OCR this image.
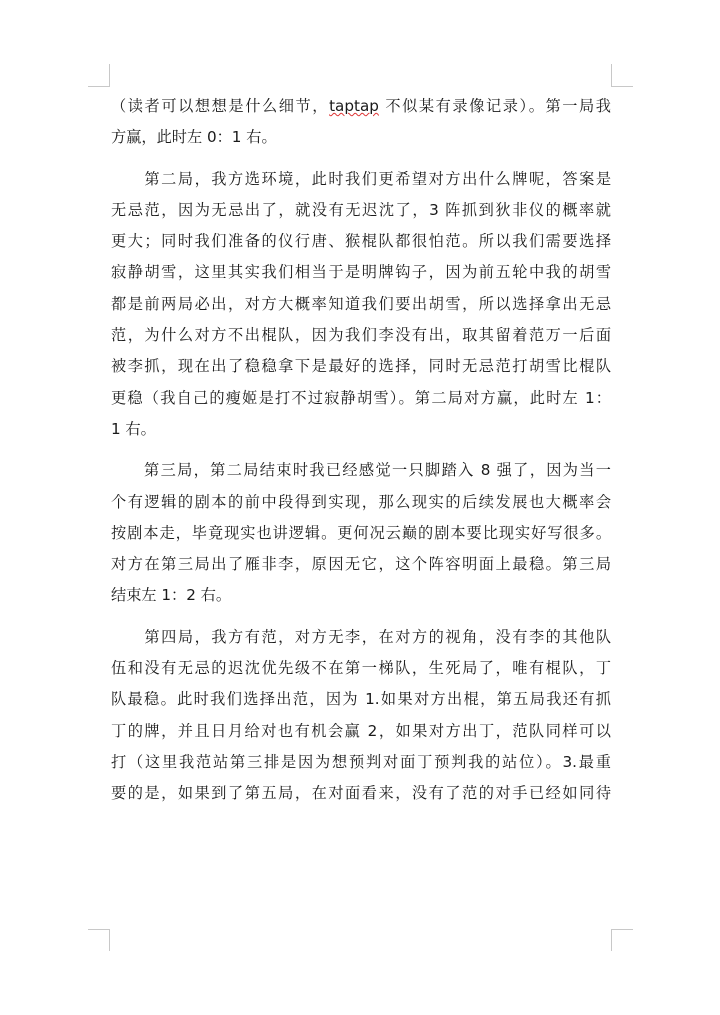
（读者可以想想是什么细节，taptap 不似某有录像记录）。第一局我
方赢，此时左 0：1 右。
　　第二局，我方选环境，此时我们更希望对方出什么牌呢，答案是
无忌范，因为无忌出了，就没有无迟沈了，3 阵抓到狄非仪的概率就
更大；同时我们准备的仪行唐、猴棍队都很怕范。所以我们需要选择
寂静胡雪，这里其实我们相当于是明牌钩子，因为前五轮中我的胡雪
都是前两局必出，对方大概率知道我们要出胡雪，所以选择拿出无忌
范，为什么对方不出棍队，因为我们李没有出，取其留着范万一后面
被李抓，现在出了稳稳拿下是最好的选择，同时无忌范打胡雪比棍队
更稳（我自己的瘦姬是打不过寂静胡雪）。第二局对方赢，此时左 1：
1 右。
　　第三局，第二局结束时我已经感觉一只脚踏入 8 强了，因为当一
个有逻辑的剧本的前中段得到实现，那么现实的后续发展也大概率会
按剧本走，毕竟现实也讲逻辑。更何况云巅的剧本要比现实好写很多。
对方在第三局出了雁非李，原因无它，这个阵容明面上最稳。第三局
结束左 1：2 右。
　　第四局，我方有范，对方无李，在对方的视角，没有李的其他队
伍和没有无忌的迟沈优先级不在第一梯队，生死局了，唯有棍队，丁
队最稳。此时我们选择出范，因为 1.如果对方出棍，第五局我还有抓
丁的牌，并且日月给对也有机会赢 2，如果对方出丁，范队同样可以
打（这里我范站第三排是因为想预判对面丁预判我的站位）。3.最重
要的是，如果到了第五局，在对面看来，没有了范的对手已经如同待
